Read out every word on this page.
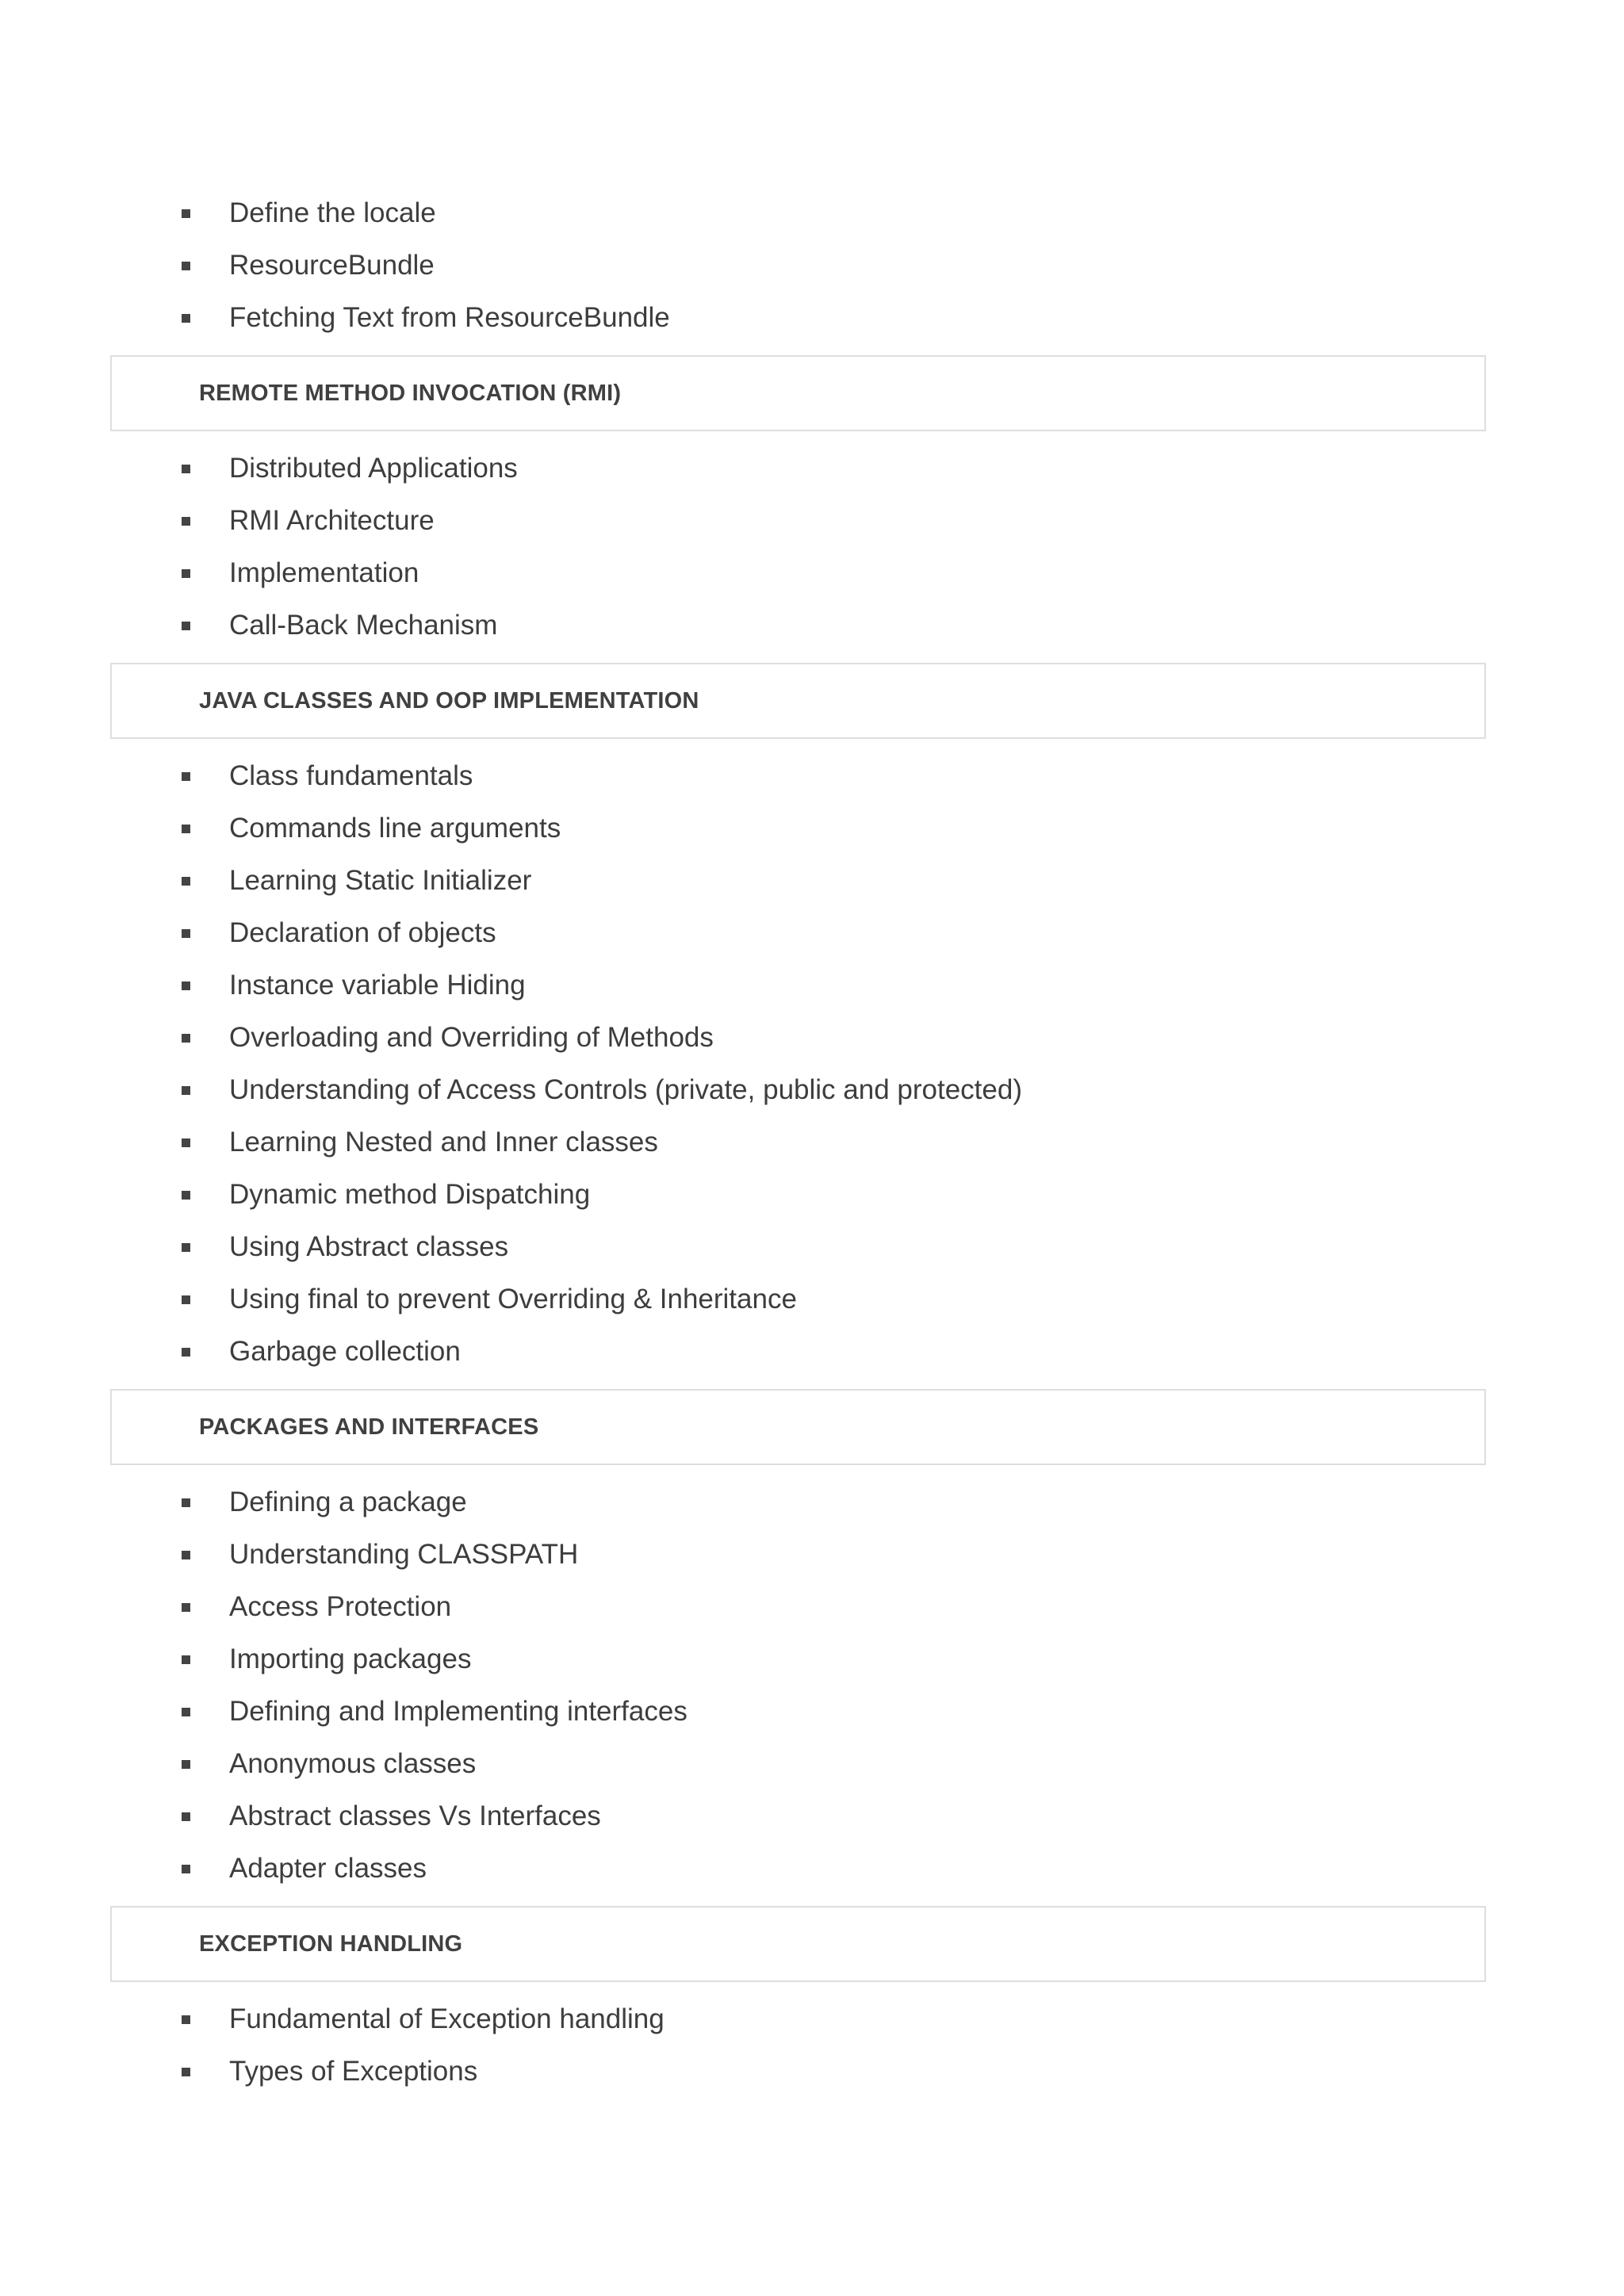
Define the locale
ResourceBundle
Fetching Text from ResourceBundle
REMOTE METHOD INVOCATION (RMI)
Distributed Applications
RMI Architecture
Implementation
Call-Back Mechanism
JAVA CLASSES AND OOP IMPLEMENTATION
Class fundamentals
Commands line arguments
Learning Static Initializer
Declaration of objects
Instance variable Hiding
Overloading and Overriding of Methods
Understanding of Access Controls (private, public and protected)
Learning Nested and Inner classes
Dynamic method Dispatching
Using Abstract classes
Using final to prevent Overriding & Inheritance
Garbage collection
PACKAGES AND INTERFACES
Defining a package
Understanding CLASSPATH
Access Protection
Importing packages
Defining and Implementing interfaces
Anonymous classes
Abstract classes Vs Interfaces
Adapter classes
EXCEPTION HANDLING
Fundamental of Exception handling
Types of Exceptions
